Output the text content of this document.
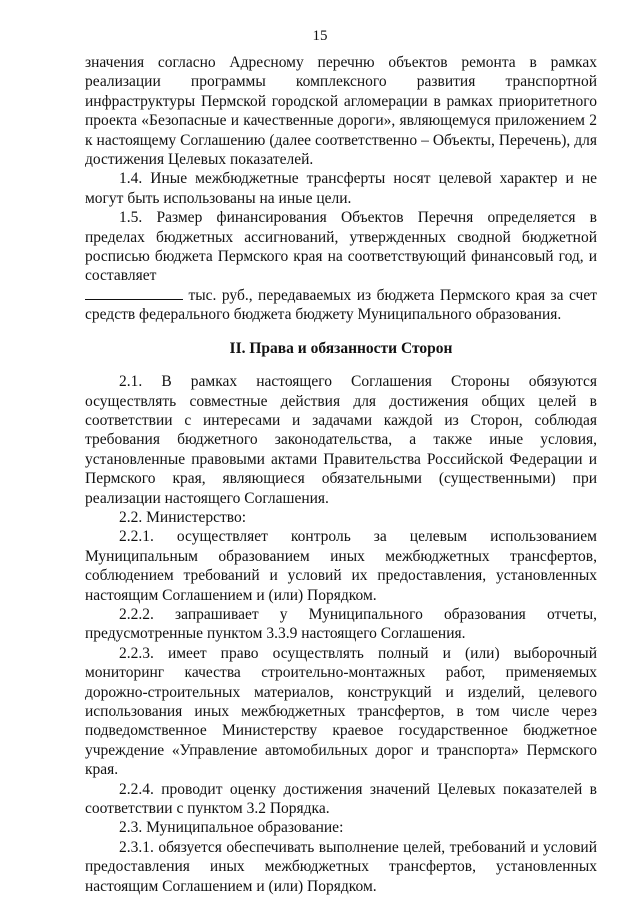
15

значения согласно Адресному перечню объектов ремонта в рамках реализации программы комплексного развития транспортной инфраструктуры Пермской городской агломерации в рамках приоритетного проекта «Безопасные и качественные дороги», являющемуся приложением 2 к настоящему Соглашению (далее соответственно – Объекты, Перечень), для достижения Целевых показателей.

1.4. Иные межбюджетные трансферты носят целевой характер и не могут быть использованы на иные цели.

1.5. Размер финансирования Объектов Перечня определяется в пределах бюджетных ассигнований, утвержденных сводной бюджетной росписью бюджета Пермского края на соответствующий финансовый год, и составляет
тыс. руб., передаваемых из бюджета Пермского края за счет средств федерального бюджета бюджету Муниципального образования.

II. Права и обязанности Сторон

2.1. В рамках настоящего Соглашения Стороны обязуются осуществлять совместные действия для достижения общих целей в соответствии с интересами и задачами каждой из Сторон, соблюдая требования бюджетного законодательства, а также иные условия, установленные правовыми актами Правительства Российской Федерации и Пермского края, являющиеся обязательными (существенными) при реализации настоящего Соглашения.

2.2. Министерство:

2.2.1. осуществляет контроль за целевым использованием Муниципальным образованием иных межбюджетных трансфертов, соблюдением требований и условий их предоставления, установленных настоящим Соглашением и (или) Порядком.

2.2.2. запрашивает у Муниципального образования отчеты, предусмотренные пунктом 3.3.9 настоящего Соглашения.

2.2.3. имеет право осуществлять полный и (или) выборочный мониторинг качества строительно-монтажных работ, применяемых дорожно-строительных материалов, конструкций и изделий, целевого использования иных межбюджетных трансфертов, в том числе через подведомственное Министерству краевое государственное бюджетное учреждение «Управление автомобильных дорог и транспорта» Пермского края.

2.2.4. проводит оценку достижения значений Целевых показателей в соответствии с пунктом 3.2 Порядка.

2.3. Муниципальное образование:

2.3.1. обязуется обеспечивать выполнение целей, требований и условий предоставления иных межбюджетных трансфертов, установленных настоящим Соглашением и (или) Порядком.
